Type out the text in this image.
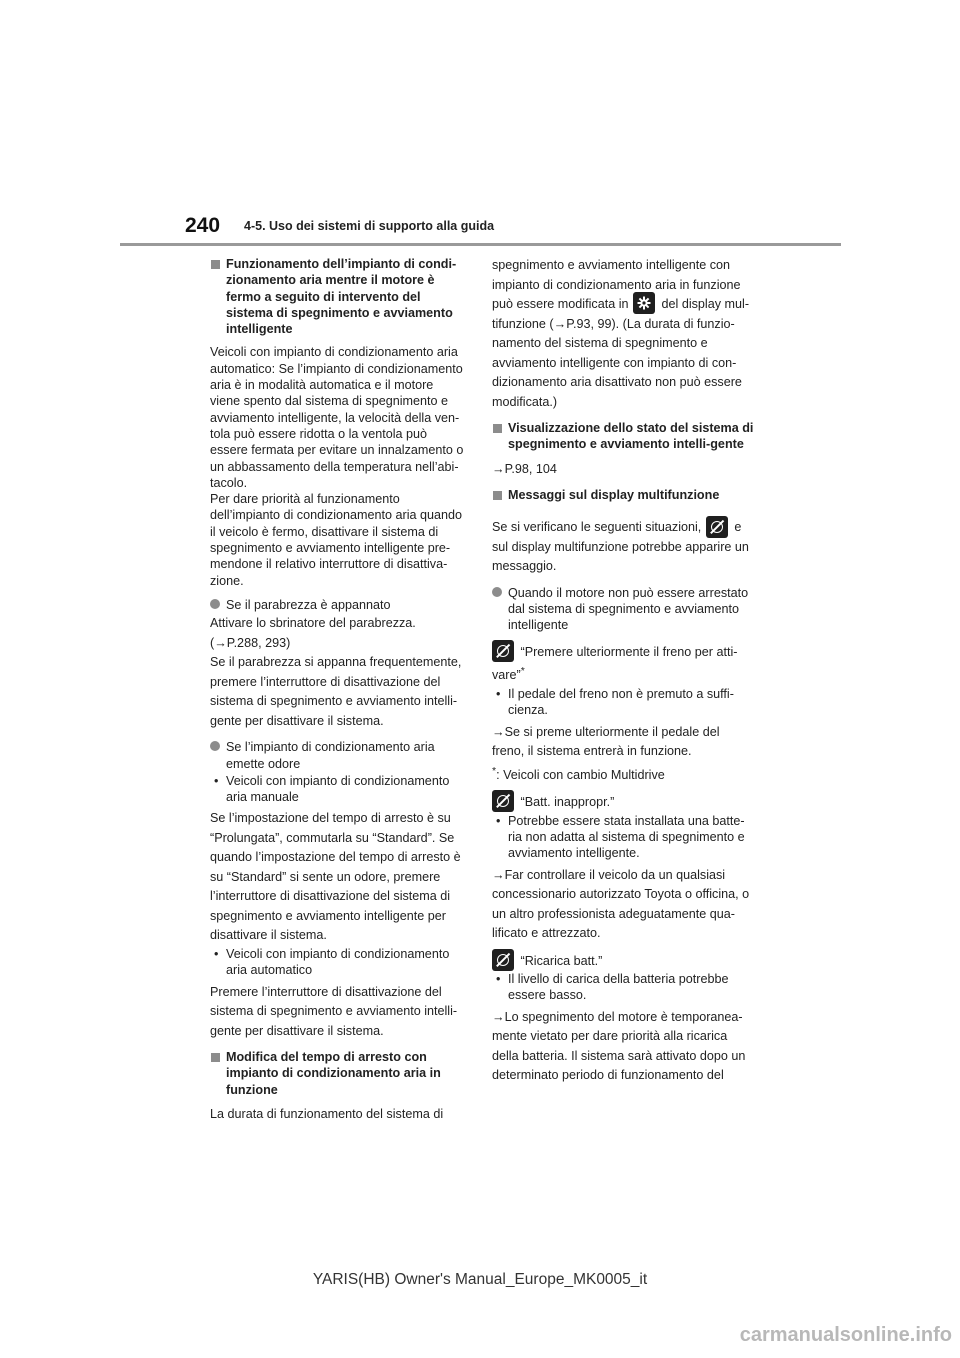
240 4-5. Uso dei sistemi di supporto alla guida
Funzionamento dell’impianto di condi-zionamento aria mentre il motore è fermo a seguito di intervento del sistema di spegnimento e avviamento intelligente

Veicoli con impianto di condizionamento aria automatico: Se l’impianto di condizionamento aria è in modalità automatica e il motore viene spento dal sistema di spegnimento e avviamento intelligente, la velocità della ven-tola può essere ridotta o la ventola può essere fermata per evitare un innalzamento o un abbassamento della temperatura nell’abi-tacolo.

Per dare priorità al funzionamento dell’impianto di condizionamento aria quando il veicolo è fermo, disattivare il sistema di spegnimento e avviamento intelligente pre-mendone il relativo interruttore di disattiva-zione.

Se il parabrezza è appannato

Attivare lo sbrinatore del parabrezza.

(→P.288, 293)

Se il parabrezza si appanna frequentemente, premere l’interruttore di disattivazione del sistema di spegnimento e avviamento intelli-gente per disattivare il sistema.

Se l’impianto di condizionamento aria emette odore
• Veicoli con impianto di condizionamento aria manuale

Se l’impostazione del tempo di arresto è su “Prolungata”, commutarla su “Standard”. Se quando l’impostazione del tempo di arresto è su “Standard” si sente un odore, premere l’interruttore di disattivazione del sistema di spegnimento e avviamento intelligente per disattivare il sistema.

• Veicoli con impianto di condizionamento aria automatico

Premere l’interruttore di disattivazione del sistema di spegnimento e avviamento intelli-gente per disattivare il sistema.

Modifica del tempo di arresto con impianto di condizionamento aria in funzione

La durata di funzionamento del sistema di

spegnimento e avviamento intelligente con impianto di condizionamento aria in funzione può essere modificata in	del display mul-tifunzione (→P.93, 99). (La durata di funzio-namento del sistema di spegnimento e avviamento intelligente con impianto di con-dizionamento aria disattivato non può essere modificata.)

Visualizzazione dello stato del sistema di spegnimento e avviamento intelli-gente

→P.98, 104

Messaggi sul display multifunzione

Se si verificano le seguenti situazioni,	e sul display multifunzione potrebbe apparire un messaggio.

Quando il motore non può essere arrestato dal sistema di spegnimento e avviamento intelligente

“Premere ulteriormente il freno per atti-vare”*

• Il pedale del freno non è premuto a suffi-cienza.

→Se si preme ulteriormente il pedale del freno, il sistema entrerà in funzione.

*: Veicoli con cambio Multidrive

“Batt. inappropr.”

• Potrebbe essere stata installata una batte-ria non adatta al sistema di spegnimento e avviamento intelligente.

→Far controllare il veicolo da un qualsiasi concessionario autorizzato Toyota o officina, o un altro professionista adeguatamente qua-lificato e attrezzato.

“Ricarica batt.”

• Il livello di carica della batteria potrebbe essere basso.

→Lo spegnimento del motore è temporanea-mente vietato per dare priorità alla ricarica della batteria. Il sistema sarà attivato dopo un determinato periodo di funzionamento del

YARIS(HB) Owner's Manual_Europe_MK0005_it
carmanualsonline.info
